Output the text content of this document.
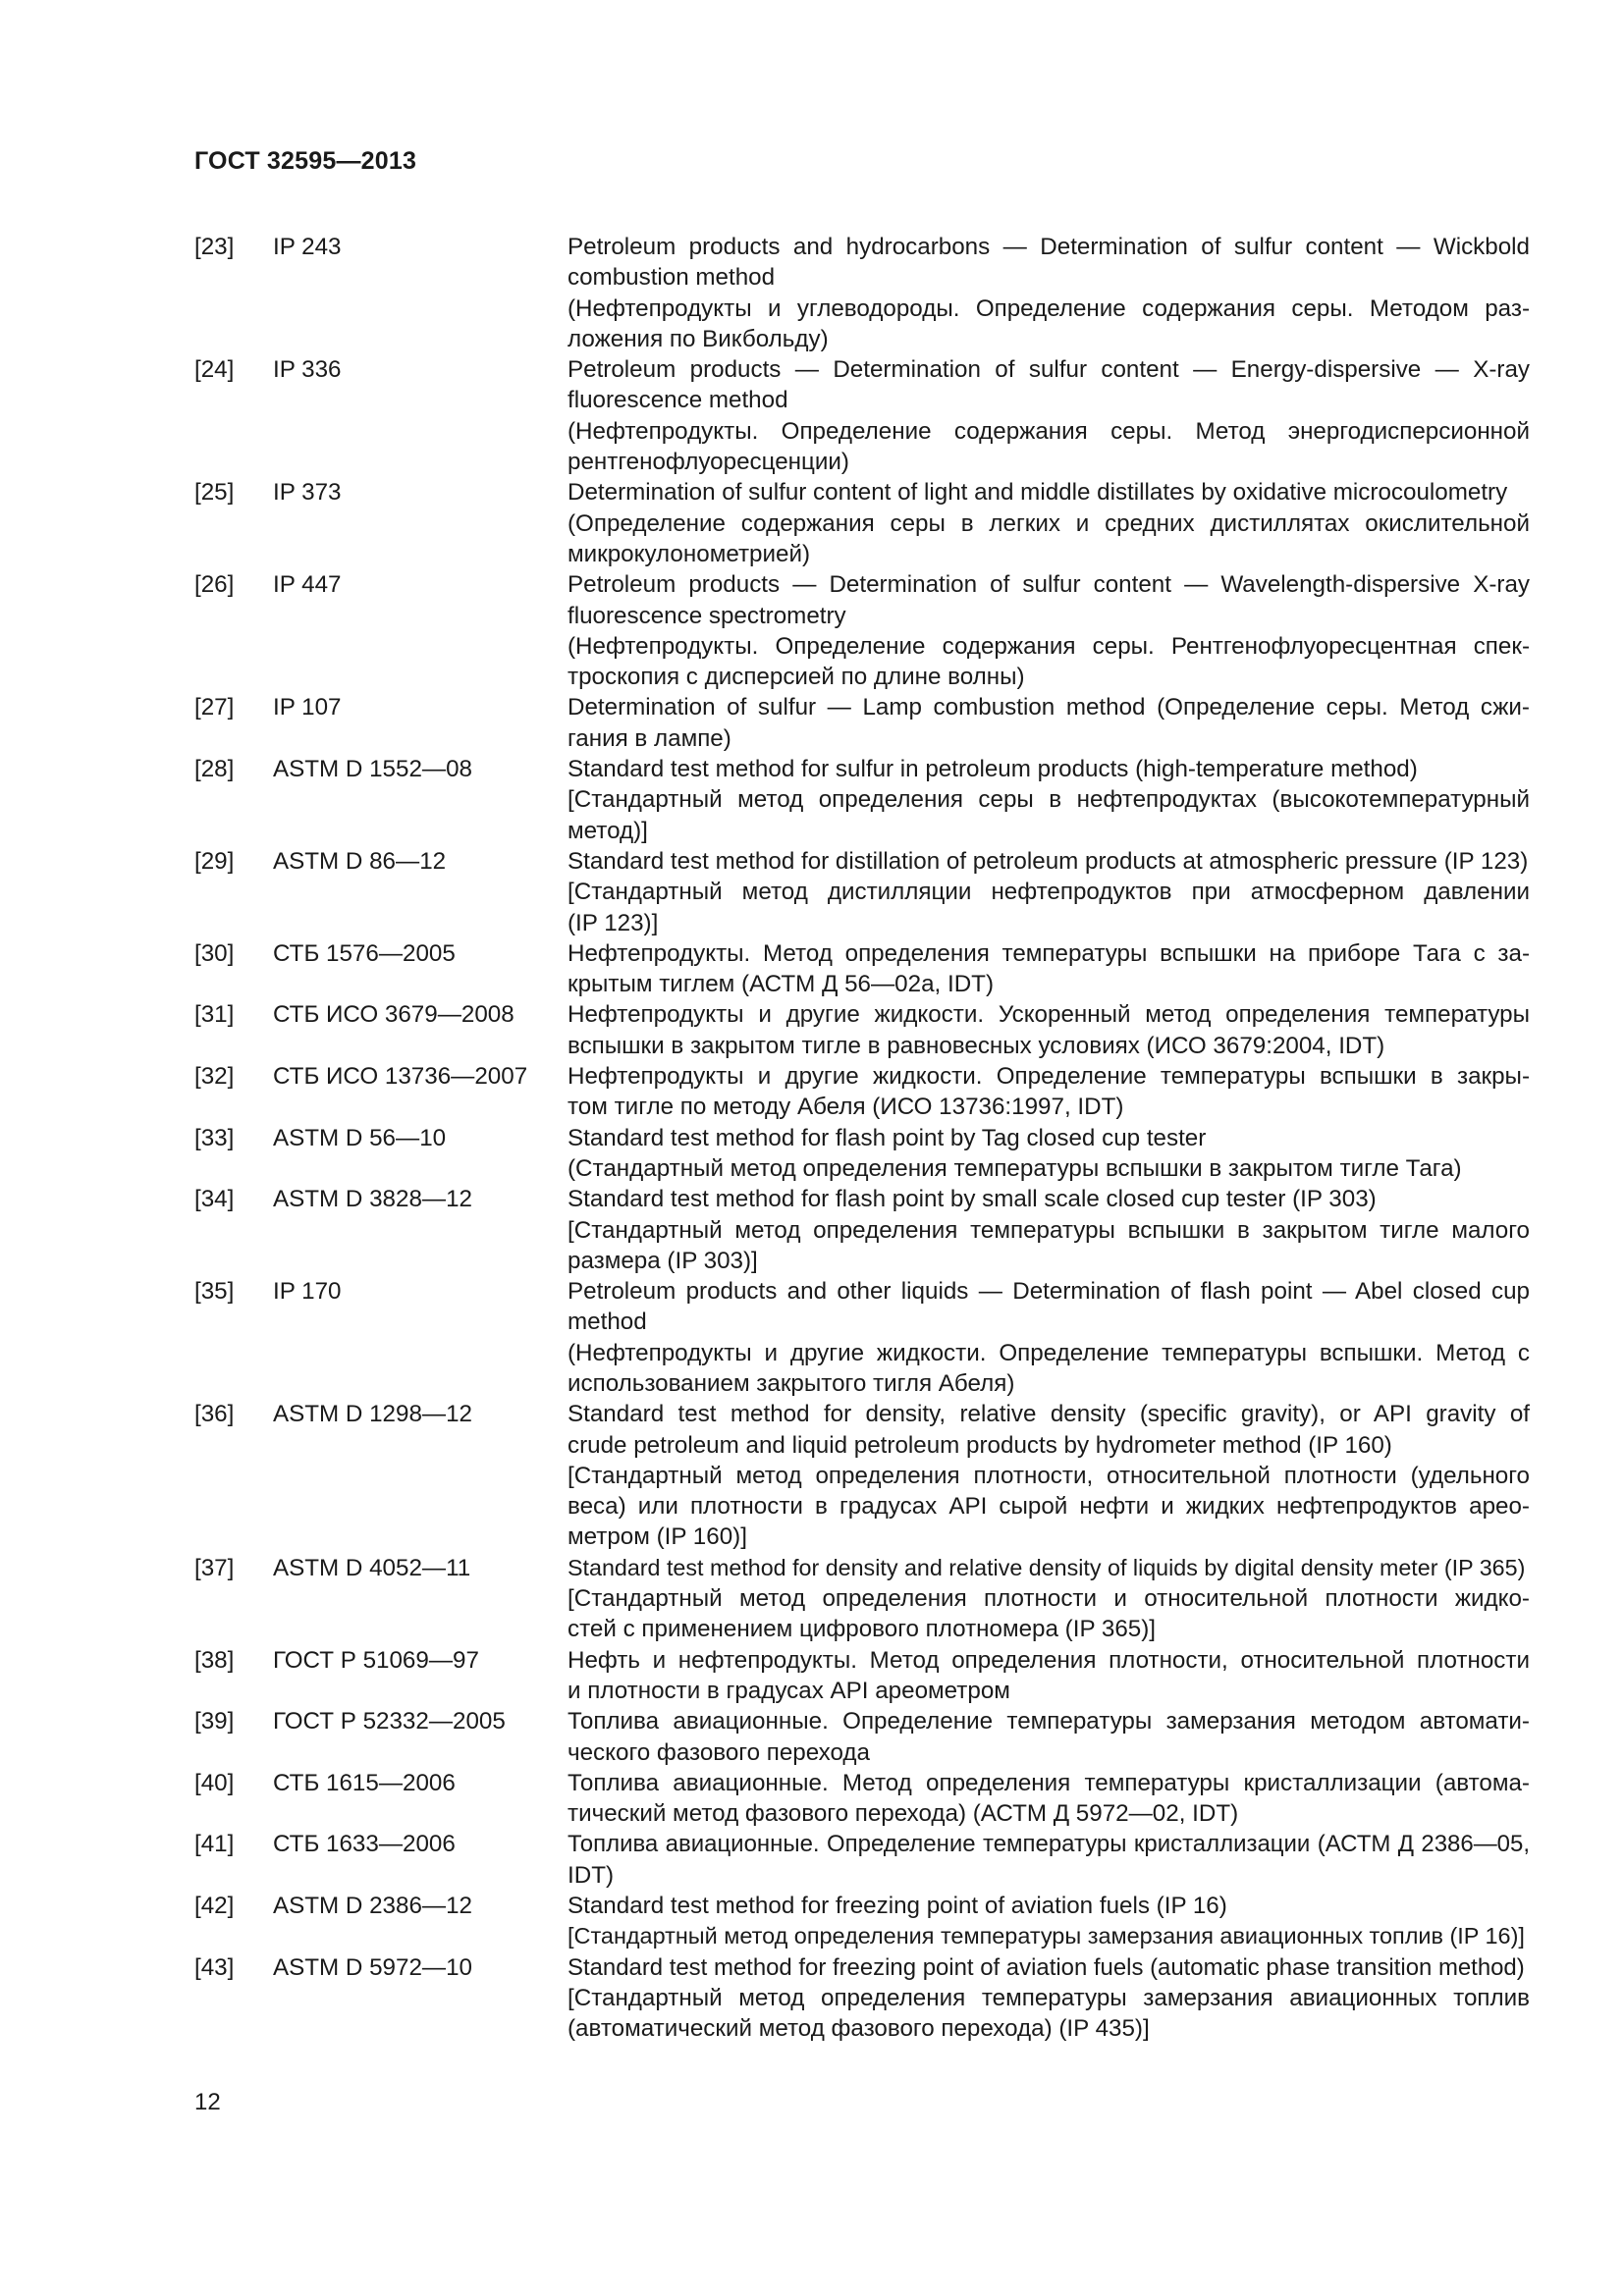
ГОСТ 32595—2013
[23]	IP 243	Petroleum products and hydrocarbons — Determination of sulfur content — Wickbold
combustion method
(Нефтепродукты и углеводороды. Определение содержания серы. Методом раз-
ложения по Викбольду)
[24]	IP 336	Petroleum products — Determination of sulfur content — Energy-dispersive — X-ray
fluorescence method
(Нефтепродукты. Определение содержания серы. Метод энергодисперсионной
рентгенофлуоресценции)
[25]	IP 373	Determination of sulfur content of light and middle distillates by oxidative microcoulometry
(Определение содержания серы в легких и средних дистиллятах окислительной
микрокулонометрией)
[26]	IP 447	Petroleum products — Determination of sulfur content — Wavelength-dispersive X-ray
fluorescence spectrometry
(Нефтепродукты. Определение содержания серы. Рентгенофлуоресцентная спек-
троскопия с дисперсией по длине волны)
[27]	IP 107	Determination of sulfur — Lamp combustion method (Определение серы. Метод сжи-
гания в лампе)
[28]	ASTM D 1552—08	Standard test method for sulfur in petroleum products (high-temperature method)
[Стандартный метод определения серы в нефтепродуктах (высокотемпературный
метод)]
[29]	ASTM D 86—12	Standard test method for distillation of petroleum products at atmospheric pressure (IP 123)
[Стандартный метод дистилляции нефтепродуктов при атмосферном давлении
(IP 123)]
[30]	СТБ 1576—2005	Нефтепродукты. Метод определения температуры вспышки на приборе Тага с за-
крытым тиглем (АСТМ Д 56—02а, IDT)
[31]	СТБ ИСО 3679—2008	Нефтепродукты и другие жидкости. Ускоренный метод определения температуры
вспышки в закрытом тигле в равновесных условиях (ИСО 3679:2004, IDT)
[32]	СТБ ИСО 13736—2007	Нефтепродукты и другие жидкости. Определение температуры вспышки в закры-
том тигле по методу Абеля (ИСО 13736:1997, IDT)
[33]	ASTM D 56—10	Standard test method for flash point by Tag closed cup tester
(Стандартный метод определения температуры вспышки в закрытом тигле Тага)
[34]	ASTM D 3828—12	Standard test method for flash point by small scale closed cup tester (IP 303)
[Стандартный метод определения температуры вспышки в закрытом тигле малого
размера (IP 303)]
[35]	IP 170	Petroleum products and other liquids — Determination of flash point — Abel closed cup
method
(Нефтепродукты и другие жидкости. Определение температуры вспышки. Метод с
использованием закрытого тигля Абеля)
[36]	ASTM D 1298—12	Standard test method for density, relative density (specific gravity), or API gravity of
crude petroleum and liquid petroleum products by hydrometer method (IP 160)
[Стандартный метод определения плотности, относительной плотности (удельного
веса) или плотности в градусах API сырой нефти и жидких нефтепродуктов арео-
метром (IP 160)]
[37]	ASTM D 4052—11	Standard test method for density and relative density of liquids by digital density meter (IP 365)
[Стандартный метод определения плотности и относительной плотности жидко-
стей с применением цифрового плотномера (IP 365)]
[38]	ГОСТ Р 51069—97	Нефть и нефтепродукты. Метод определения плотности, относительной плотности
и плотности в градусах API ареометром
[39]	ГОСТ Р 52332—2005	Топлива авиационные. Определение температуры замерзания методом автомати-
ческого фазового перехода
[40]	СТБ 1615—2006	Топлива авиационные. Метод определения температуры кристаллизации (автома-
тический метод фазового перехода) (АСТМ Д 5972—02, IDT)
[41]	СТБ 1633—2006	Топлива авиационные. Определение температуры кристаллизации (АСТМ Д 2386—05,
IDT)
[42]	ASTM D 2386—12	Standard test method for freezing point of aviation fuels (IP 16)
[Стандартный метод определения температуры замерзания авиационных топлив (IP 16)]
[43]	ASTM D 5972—10	Standard test method for freezing point of aviation fuels (automatic phase transition method)
[Стандартный метод определения температуры замерзания авиационных топлив
(автоматический метод фазового перехода) (IP 435)]
12
